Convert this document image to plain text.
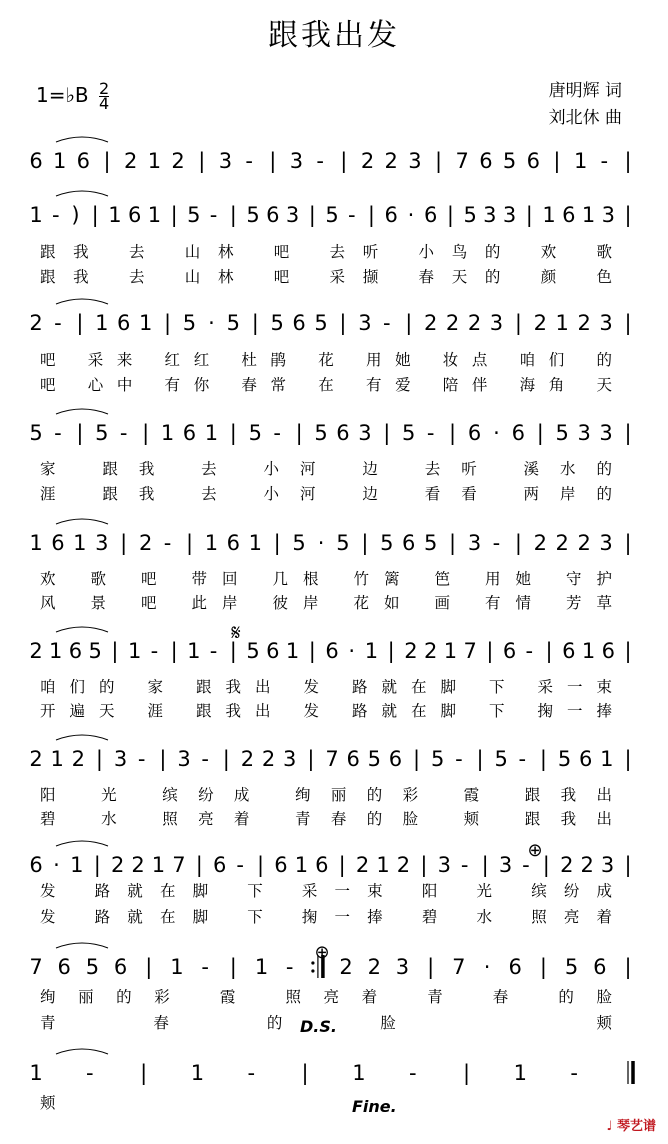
跟我出发
1=♭B $\frac{2}{4}$	唐明辉 词
刘北休 曲
6 1 6 | 2 1 2 | 3 - | 3 - | 2 2 3 | 7 6 5 6 | 1 - |
1 - ) | 1 6 1 | 5 - | 5 6 3 | 5 - | 6 · 6 | 5 3 3 | 1 6 1 3 |
跟我 去 山林 吧 去听 小鸟的 欢 歌
跟我 去 山林 吧 采撷 春天的 颜 色
2 - | 1 6 1 | 5 · 5 | 5 6 5 | 3 - | 2 2 2 3 | 2 1 2 3 |
吧 采来 红红 杜鹃 花 用她 妆点 咱们 的
吧 心中 有你 春常 在 有爱 陪伴 海角 天
5 - | 5 - | 1 6 1 | 5 - | 5 6 3 | 5 - | 6 · 6 | 5 3 3 |
家 跟我 去 小河 边 去听 溪水的
涯 跟我 去 小河 边 看看 两岸的
1 6 1 3 | 2 - | 1 6 1 | 5 · 5 | 5 6 5 | 3 - | 2 2 2 3 |
欢 歌 吧 带回 几根 竹篱 笆 用她 守护
风 景 吧 此岸 彼岸 花如 画 有情 芳草
2 1 6 5 | 1 - | 1 - | 5 6 1 | 6 · 1 | 2 2 1 7 | 6 - | 6 1 6 |
咱们的 家 跟我出 发 路就在脚 下 采一束
开遍天 涯 跟我出 发 路就在脚 下 掬一捧
2 1 2 | 3 - | 3 - | 2 2 3 | 7 6 5 6 | 5 - | 5 - | 5 6 1 |
阳 光 缤纷成 绚丽的彩 霞 跟我出
碧 水 照亮着 青春的脸 颊 跟我出
6 · 1 | 2 2 1 7 | 6 - | 6 1 6 | 2 1 2 | 3 - | 3 - | 2 2 3 |
发 路就在脚 下 采一束 阳 光 缤纷成
发 路就在脚 下 掬一捧 碧 水 照亮着
7 6 5 6 | 1 - | 1 - 2 2 3 | 7 · 6 | 5 6 |
绚丽的彩 霞 照亮着 青 春 的脸
青春的脸 颊
1 - | 1 - | 1 - | 1 -
颊
𝄋
⊕
⊕
D.S.
Fine.
♩ 琴艺谱
